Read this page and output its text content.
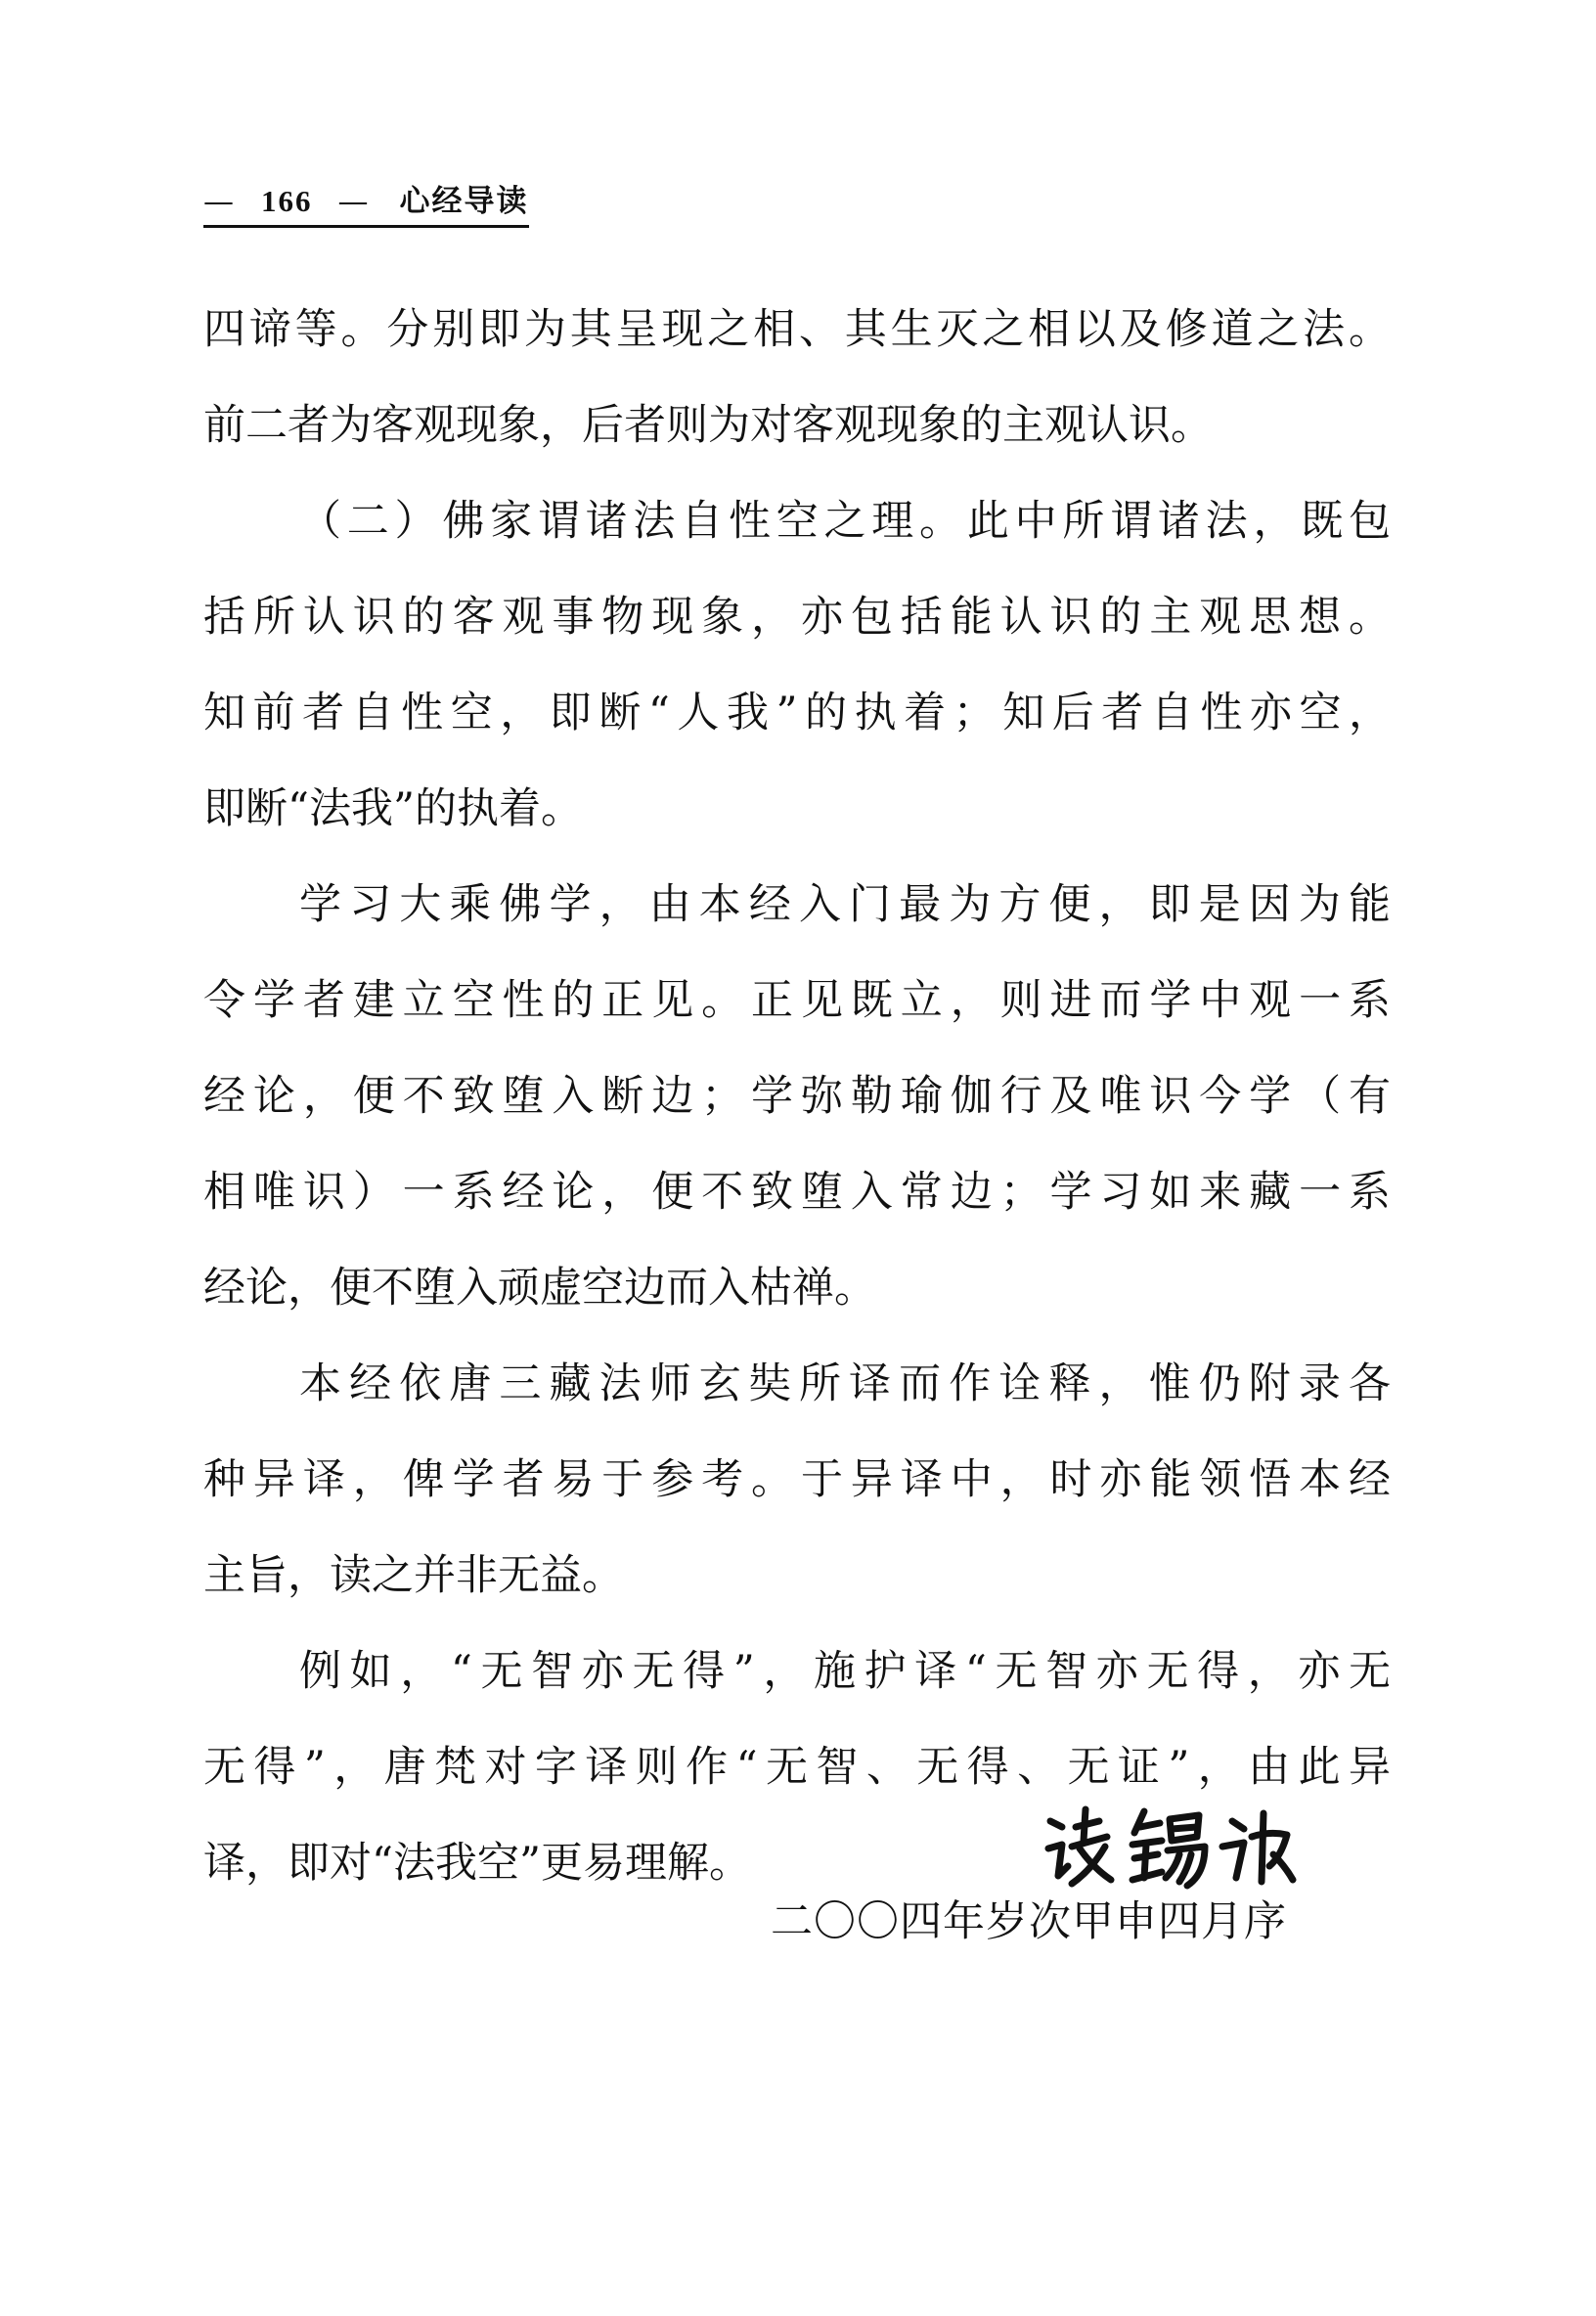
— 166 — 心经导读
四谛等。分别即为其呈现之相、其生灭之相以及修道之法。
前二者为客观现象，后者则为对客观现象的主观认识。
（二）佛家谓诸法自性空之理。此中所谓诸法，既包
括所认识的客观事物现象，亦包括能认识的主观思想。
知前者自性空，即断“人我”的执着；知后者自性亦空，
即断“法我”的执着。
学习大乘佛学，由本经入门最为方便，即是因为能
令学者建立空性的正见。正见既立，则进而学中观一系
经论，便不致堕入断边；学弥勒瑜伽行及唯识今学（有
相唯识）一系经论，便不致堕入常边；学习如来藏一系
经论，便不堕入顽虚空边而入枯禅。
本经依唐三藏法师玄奘所译而作诠释，惟仍附录各
种异译，俾学者易于参考。于异译中，时亦能领悟本经
主旨，读之并非无益。
例如，“无智亦无得”，施护译“无智亦无得，亦无
无得”，唐梵对字译则作“无智、无得、无证”，由此异
译，即对“法我空”更易理解。
二〇〇四年岁次甲申四月序
